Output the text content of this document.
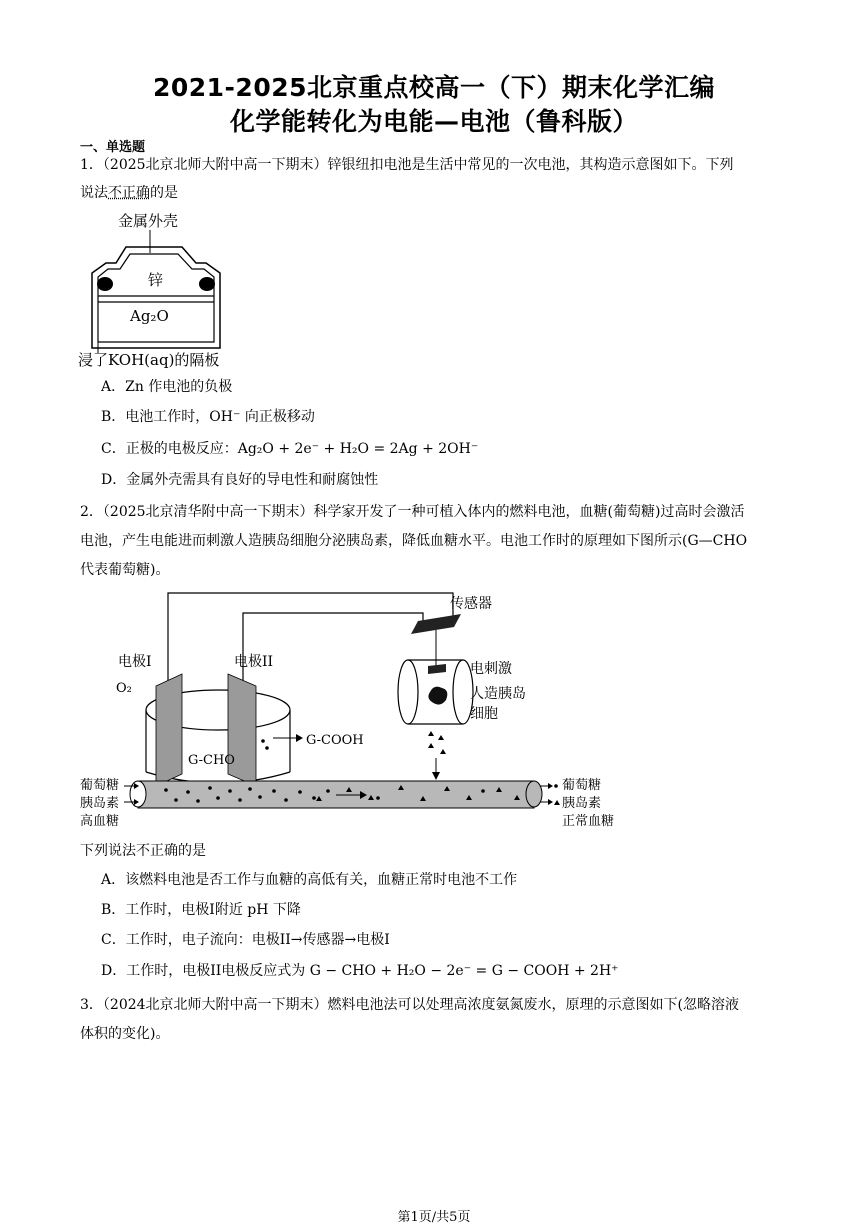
2021-2025北京重点校高一（下）期末化学汇编
化学能转化为电能—电池（鲁科版）
一、单选题
1．（2025北京北师大附中高一下期末）锌银纽扣电池是生活中常见的一次电池，其构造示意图如下。下列
说法不正确的是
金属外壳
锌
Ag₂O
浸了KOH(aq)的隔板
A．Zn 作电池的负极
B．电池工作时，OH⁻ 向正极移动
C．正极的电极反应：Ag₂O + 2e⁻ + H₂O = 2Ag + 2OH⁻
D．金属外壳需具有良好的导电性和耐腐蚀性
2．（2025北京清华附中高一下期末）科学家开发了一种可植入体内的燃料电池，血糖(葡萄糖)过高时会激活
电池，产生电能进而刺激人造胰岛细胞分泌胰岛素，降低血糖水平。电池工作时的原理如下图所示(G—CHO
代表葡萄糖)。
传感器
电刺激
人造胰岛
细胞
电极I	电极II
O₂
G-COOH
G-CHO
葡萄糖
胰岛素
高血糖
葡萄糖
胰岛素
正常血糖
下列说法不正确的是
A．该燃料电池是否工作与血糖的高低有关，血糖正常时电池不工作
B．工作时，电极I附近 pH 下降
C．工作时，电子流向：电极II→传感器→电极I
D．工作时，电极II电极反应式为 G − CHO + H₂O − 2e⁻ = G − COOH + 2H⁺
3．（2024北京北师大附中高一下期末）燃料电池法可以处理高浓度氨氮废水，原理的示意图如下(忽略溶液
体积的变化)。
第1页/共5页
